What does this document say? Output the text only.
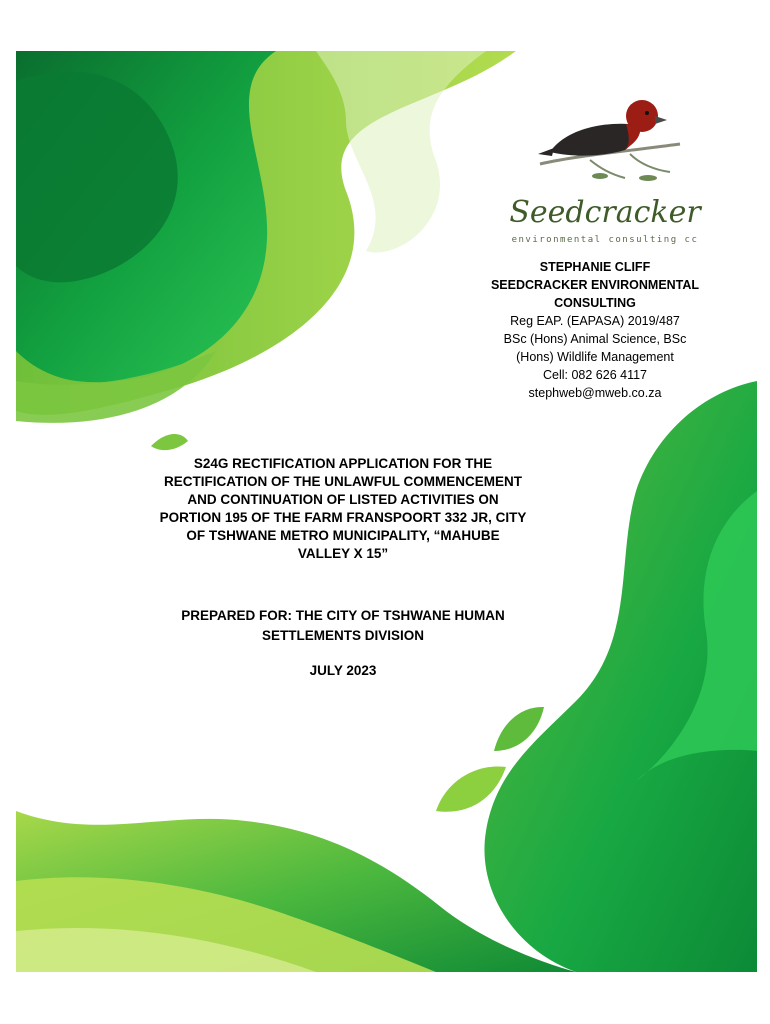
Seedcracker
environmental consulting cc
STEPHANIE CLIFF
SEEDCRACKER ENVIRONMENTAL
CONSULTING
Reg EAP. (EAPASA) 2019/487
BSc (Hons) Animal Science, BSc
(Hons) Wildlife Management
Cell: 082 626 4117
stephweb@mweb.co.za
S24G RECTIFICATION APPLICATION FOR THE
RECTIFICATION OF THE UNLAWFUL COMMENCEMENT
AND CONTINUATION OF LISTED ACTIVITIES ON
PORTION 195 OF THE FARM FRANSPOORT 332 JR, CITY
OF TSHWANE METRO MUNICIPALITY, “MAHUBE
VALLEY X 15”
PREPARED FOR: THE CITY OF TSHWANE HUMAN
SETTLEMENTS DIVISION
JULY 2023
